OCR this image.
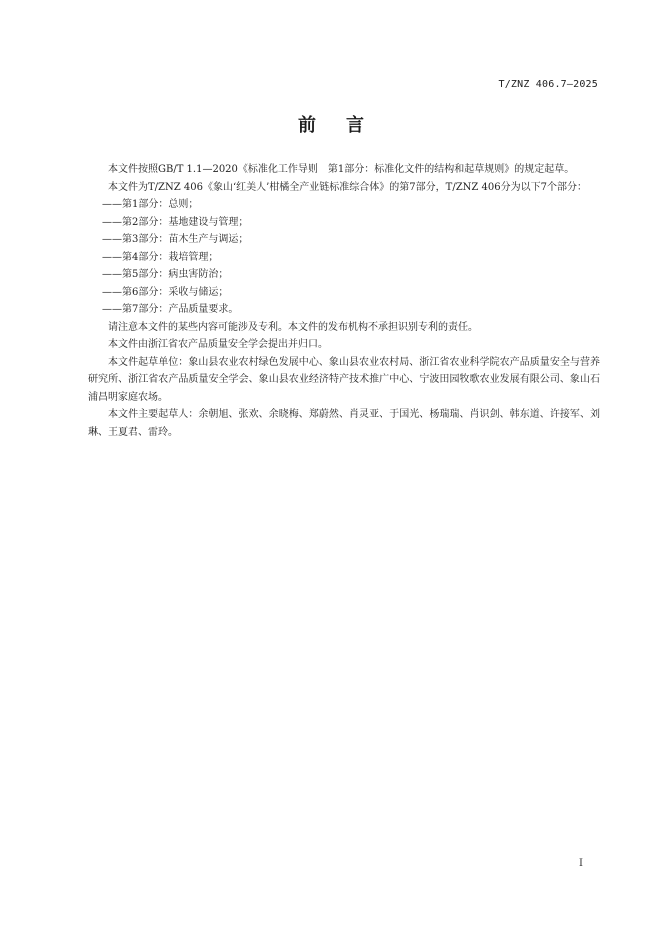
T/ZNZ 406.7—2025
前言

本文件按照GB/T 1.1—2020《标准化工作导则　第1部分：标准化文件的结构和起草规则》的规定起草。

本文件为T/ZNZ 406《象山‘红美人’柑橘全产业链标准综合体》的第7部分，T/ZNZ 406分为以下7个部分：

——第1部分：总则；

——第2部分：基地建设与管理；

——第3部分：苗木生产与调运；

——第4部分：栽培管理；

——第5部分：病虫害防治；

——第6部分：采收与储运；

——第7部分：产品质量要求。

请注意本文件的某些内容可能涉及专利。本文件的发布机构不承担识别专利的责任。

本文件由浙江省农产品质量安全学会提出并归口。

本文件起草单位：象山县农业农村绿色发展中心、象山县农业农村局、浙江省农业科学院农产品质量安全与营养研究所、浙江省农产品质量安全学会、象山县农业经济特产技术推广中心、宁波田园牧歌农业发展有限公司、象山石浦昌明家庭农场。

本文件主要起草人：余朝旭、张欢、余晓梅、郑蔚然、肖灵亚、于国光、杨瑞瑞、肖识剑、韩东道、许接军、刘琳、王夏君、雷玲。

I
